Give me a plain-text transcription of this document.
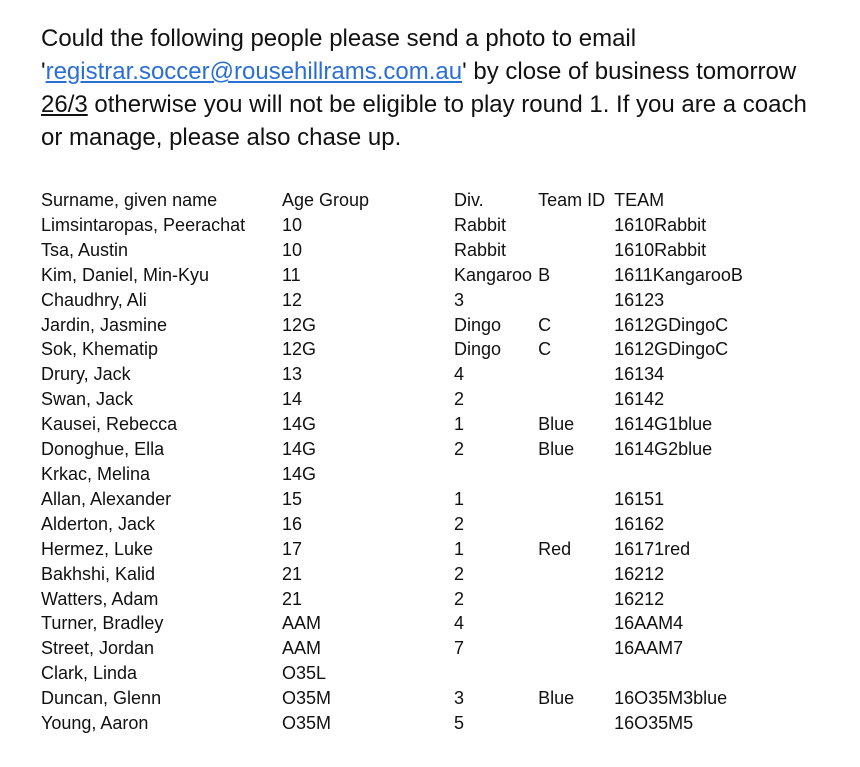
Could the following people please send a photo to email 'registrar.soccer@rousehillrams.com.au' by close of business tomorrow 26/3 otherwise you will not be eligible to play round 1. If you are a coach or manage, please also chase up.

Surname, given name	Age Group	Div.	Team ID	TEAM
Limsintaropas, Peerachat	10	Rabbit		1610Rabbit
Tsa, Austin	10	Rabbit		1610Rabbit
Kim, Daniel, Min-Kyu	11	Kangaroo	B	1611KangarooB
Chaudhry, Ali	12	3		16123
Jardin, Jasmine	12G	Dingo	C	1612GDingoC
Sok, Khematip	12G	Dingo	C	1612GDingoC
Drury, Jack	13	4		16134
Swan, Jack	14	2		16142
Kausei, Rebecca	14G	1	Blue	1614G1blue
Donoghue, Ella	14G	2	Blue	1614G2blue
Krkac, Melina	14G			
Allan, Alexander	15	1		16151
Alderton, Jack	16	2		16162
Hermez, Luke	17	1	Red	16171red
Bakhshi, Kalid	21	2		16212
Watters, Adam	21	2		16212
Turner, Bradley	AAM	4		16AAM4
Street, Jordan	AAM	7		16AAM7
Clark, Linda	O35L			
Duncan, Glenn	O35M	3	Blue	16O35M3blue
Young, Aaron	O35M	5		16O35M5
